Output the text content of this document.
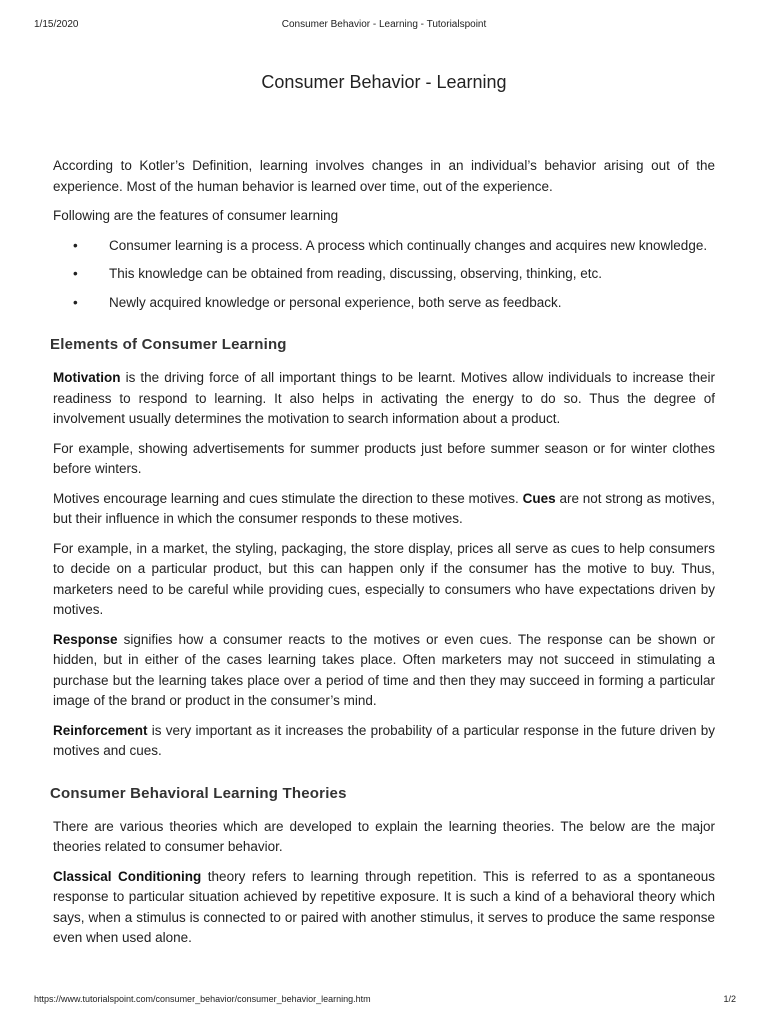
1/15/2020	Consumer Behavior - Learning - Tutorialspoint
Consumer Behavior - Learning

According to Kotler’s Definition, learning involves changes in an individual’s behavior arising out of the experience. Most of the human behavior is learned over time, out of the experience.

Following are the features of consumer learning

• Consumer learning is a process. A process which continually changes and acquires new knowledge.
• This knowledge can be obtained from reading, discussing, observing, thinking, etc.
• Newly acquired knowledge or personal experience, both serve as feedback.
Elements of Consumer Learning

Motivation is the driving force of all important things to be learnt. Motives allow individuals to increase their readiness to respond to learning. It also helps in activating the energy to do so. Thus the degree of involvement usually determines the motivation to search information about a product.

For example, showing advertisements for summer products just before summer season or for winter clothes before winters.

Motives encourage learning and cues stimulate the direction to these motives. Cues are not strong as motives, but their influence in which the consumer responds to these motives.

For example, in a market, the styling, packaging, the store display, prices all serve as cues to help consumers to decide on a particular product, but this can happen only if the consumer has the motive to buy. Thus, marketers need to be careful while providing cues, especially to consumers who have expectations driven by motives.

Response signifies how a consumer reacts to the motives or even cues. The response can be shown or hidden, but in either of the cases learning takes place. Often marketers may not succeed in stimulating a purchase but the learning takes place over a period of time and then they may succeed in forming a particular image of the brand or product in the consumer’s mind.

Reinforcement is very important as it increases the probability of a particular response in the future driven by motives and cues.

Consumer Behavioral Learning Theories

There are various theories which are developed to explain the learning theories. The below are the major theories related to consumer behavior.

Classical Conditioning theory refers to learning through repetition. This is referred to as a spontaneous response to particular situation achieved by repetitive exposure. It is such a kind of a behavioral theory which says, when a stimulus is connected to or paired with another stimulus, it serves to produce the same response even when used alone.

https://www.tutorialspoint.com/consumer_behavior/consumer_behavior_learning.htm	1/2
